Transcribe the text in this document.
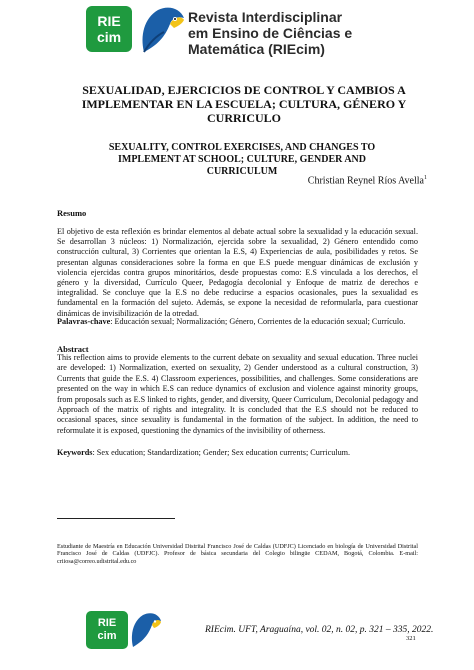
RIE
cim
Revista Interdisciplinar
em Ensino de Ciências e
Matemática (RIEcim)
SEXUALIDAD, EJERCICIOS DE CONTROL Y CAMBIOS A IMPLEMENTAR EN LA ESCUELA; CULTURA, GÉNERO Y CURRICULO
SEXUALITY, CONTROL EXERCISES, AND CHANGES TO IMPLEMENT AT SCHOOL; CULTURE, GENDER AND CURRICULUM
Christian Reynel Ríos Avella$^1$
Resumo
El objetivo de esta reflexión es brindar elementos al debate actual sobre la sexualidad y la educación sexual. Se desarrollan 3 núcleos: 1) Normalización, ejercida sobre la sexualidad, 2) Género entendido como construcción cultural, 3) Corrientes que orientan la E.S, 4) Experiencias de aula, posibilidades y retos. Se presentan algunas consideraciones sobre la forma en que E.S puede menguar dinámicas de exclusión y violencia ejercidas contra grupos minoritários, desde propuestas como: E.S vinculada a los derechos, el género y la diversidad, Currículo Queer, Pedagogía decolonial y Enfoque de matriz de derechos e integralidad. Se concluye que la E.S no debe reducirse a espacios ocasionales, pues la sexualidad es fundamental en la formación del sujeto. Además, se expone la necesidad de reformularla, para cuestionar dinámicas de invisibilización de la otredad.
Palavras-chave: Educación sexual; Normalización; Género, Corrientes de la educación sexual; Currículo.
Abstract
This reflection aims to provide elements to the current debate on sexuality and sexual education. Three nuclei are developed: 1) Normalization, exerted on sexuality, 2) Gender understood as a cultural construction, 3) Currents that guide the E.S. 4) Classroom experiences, possibilities, and challenges. Some considerations are presented on the way in which E.S can reduce dynamics of exclusion and violence against minority groups, from proposals such as E.S linked to rights, gender, and diversity, Queer Curriculum, Decolonial pedagogy and Approach of the matrix of rights and integrality. It is concluded that the E.S should not be reduced to occasional spaces, since sexuality is fundamental in the formation of the subject. In addition, the need to reformulate it is exposed, questioning the dynamics of the invisibility of otherness.
Keywords: Sex education; Standardization; Gender; Sex education currents; Curriculum.
Estudiante de Maestría en Educación Universidad Distrital Francisco José de Caldas (UDFJC) Licenciado en biología de Universidad Distrital Francisco José de Caldas (UDFJC). Profesor de básica secundaria del Colegio bilingüe CEDAM, Bogotá, Colombia. E-mail: criiosa@correo.udistrital.edu.co
RIE
cim	RIEcim. UFT, Araguaína, vol. 02, n. 02, p. 321 – 335, 2022.
321
